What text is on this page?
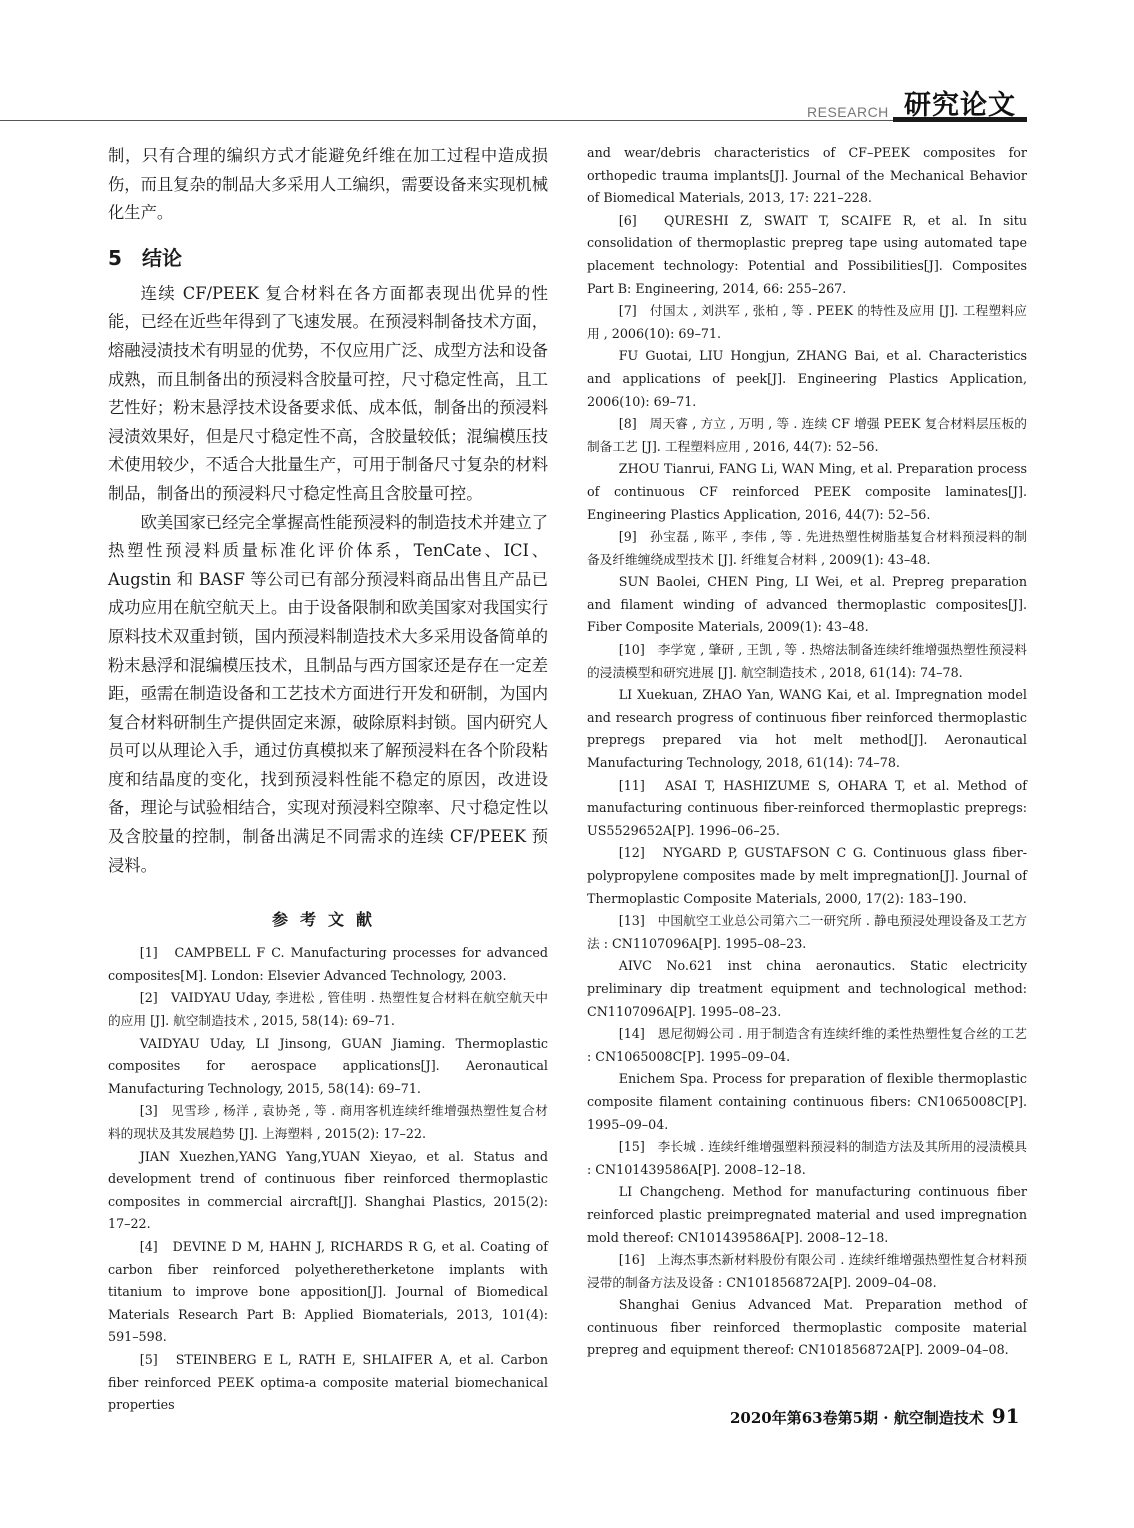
RESEARCH 研究论文

制，只有合理的编织方式才能避免纤维在加工过程中造成损伤，而且复杂的制品大多采用人工编织，需要设备来实现机械化生产。

5 结论

连续 CF/PEEK 复合材料在各方面都表现出优异的性能，已经在近些年得到了飞速发展。在预浸料制备技术方面，熔融浸渍技术有明显的优势，不仅应用广泛、成型方法和设备成熟，而且制备出的预浸料含胶量可控，尺寸稳定性高，且工艺性好；粉末悬浮技术设备要求低、成本低，制备出的预浸料浸渍效果好，但是尺寸稳定性不高，含胶量较低；混编模压技术使用较少，不适合大批量生产，可用于制备尺寸复杂的材料制品，制备出的预浸料尺寸稳定性高且含胶量可控。

欧美国家已经完全掌握高性能预浸料的制造技术并建立了热塑性预浸料质量标准化评价体系，TenCate、ICI、Augstin 和 BASF 等公司已有部分预浸料商品出售且产品已成功应用在航空航天上。由于设备限制和欧美国家对我国实行原料技术双重封锁，国内预浸料制造技术大多采用设备简单的粉末悬浮和混编模压技术，且制品与西方国家还是存在一定差距，亟需在制造设备和工艺技术方面进行开发和研制，为国内复合材料研制生产提供固定来源，破除原料封锁。国内研究人员可以从理论入手，通过仿真模拟来了解预浸料在各个阶段粘度和结晶度的变化，找到预浸料性能不稳定的原因，改进设备，理论与试验相结合，实现对预浸料空隙率、尺寸稳定性以及含胶量的控制，制备出满足不同需求的连续 CF/PEEK 预浸料。

参考文献

[1]　CAMPBELL F C. Manufacturing processes for advanced composites[M]. London: Elsevier Advanced Technology, 2003.

[2]　VAIDYAU Uday, 李进松 , 管佳明 . 热塑性复合材料在航空航天中的应用 [J]. 航空制造技术 , 2015, 58(14): 69–71.

VAIDYAU Uday, LI Jinsong, GUAN Jiaming. Thermoplastic composites for aerospace applications[J]. Aeronautical Manufacturing Technology, 2015, 58(14): 69–71.

[3]　见雪珍 , 杨洋 , 袁协尧 , 等 . 商用客机连续纤维增强热塑性复合材料的现状及其发展趋势 [J]. 上海塑料 , 2015(2): 17–22.

JIAN Xuezhen,YANG Yang,YUAN Xieyao, et al. Status and development trend of continuous fiber reinforced thermoplastic composites in commercial aircraft[J]. Shanghai Plastics, 2015(2): 17–22.

[4]　DEVINE D M, HAHN J, RICHARDS R G, et al. Coating of carbon fiber reinforced polyetheretherketone implants with titanium to improve bone apposition[J]. Journal of Biomedical Materials Research Part B: Applied Biomaterials, 2013, 101(4): 591–598.

[5]　STEINBERG E L, RATH E, SHLAIFER A, et al. Carbon fiber reinforced PEEK optima-a composite material biomechanical properties

and wear/debris characteristics of CF–PEEK composites for orthopedic trauma implants[J]. Journal of the Mechanical Behavior of Biomedical Materials, 2013, 17: 221–228.

[6]　QURESHI Z, SWAIT T, SCAIFE R, et al. In situ consolidation of thermoplastic prepreg tape using automated tape placement technology: Potential and Possibilities[J]. Composites Part B: Engineering, 2014, 66: 255–267.

[7]　付国太 , 刘洪军 , 张柏 , 等 . PEEK 的特性及应用 [J]. 工程塑料应用 , 2006(10): 69–71.

FU Guotai, LIU Hongjun, ZHANG Bai, et al. Characteristics and applications of peek[J]. Engineering Plastics Application, 2006(10): 69–71.

[8]　周天睿 , 方立 , 万明 , 等 . 连续 CF 增强 PEEK 复合材料层压板的制备工艺 [J]. 工程塑料应用 , 2016, 44(7): 52–56.

ZHOU Tianrui, FANG Li, WAN Ming, et al. Preparation process of continuous CF reinforced PEEK composite laminates[J]. Engineering Plastics Application, 2016, 44(7): 52–56.

[9]　孙宝磊 , 陈平 , 李伟 , 等 . 先进热塑性树脂基复合材料预浸料的制备及纤维缠绕成型技术 [J]. 纤维复合材料 , 2009(1): 43–48.

SUN Baolei, CHEN Ping, LI Wei, et al. Prepreg preparation and filament winding of advanced thermoplastic composites[J]. Fiber Composite Materials, 2009(1): 43–48.

[10]　李学宽 , 肇研 , 王凯 , 等 . 热熔法制备连续纤维增强热塑性预浸料的浸渍模型和研究进展 [J]. 航空制造技术 , 2018, 61(14): 74–78.

LI Xuekuan, ZHAO Yan, WANG Kai, et al. Impregnation model and research progress of continuous fiber reinforced thermoplastic prepregs prepared via hot melt method[J]. Aeronautical Manufacturing Technology, 2018, 61(14): 74–78.

[11]　ASAI T, HASHIZUME S, OHARA T, et al. Method of manufacturing continuous fiber-reinforced thermoplastic prepregs: US5529652A[P]. 1996–06–25.

[12]　NYGARD P, GUSTAFSON C G. Continuous glass fiber-polypropylene composites made by melt impregnation[J]. Journal of Thermoplastic Composite Materials, 2000, 17(2): 183–190.

[13]　中国航空工业总公司第六二一研究所 . 静电预浸处理设备及工艺方法 : CN1107096A[P]. 1995–08–23.

AIVC No.621 inst china aeronautics. Static electricity preliminary dip treatment equipment and technological method: CN1107096A[P]. 1995–08–23.

[14]　恩尼彻姆公司 . 用于制造含有连续纤维的柔性热塑性复合丝的工艺 : CN1065008C[P]. 1995–09–04.

Enichem Spa. Process for preparation of flexible thermoplastic composite filament containing continuous fibers: CN1065008C[P]. 1995–09–04.

[15]　李长城 . 连续纤维增强塑料预浸料的制造方法及其所用的浸渍模具 : CN101439586A[P]. 2008–12–18.

LI Changcheng. Method for manufacturing continuous fiber reinforced plastic preimpregnated material and used impregnation mold thereof: CN101439586A[P]. 2008–12–18.

[16]　上海杰事杰新材料股份有限公司 . 连续纤维增强热塑性复合材料预浸带的制备方法及设备 : CN101856872A[P]. 2009–04–08.

Shanghai Genius Advanced Mat. Preparation method of continuous fiber reinforced thermoplastic composite material prepreg and equipment thereof: CN101856872A[P]. 2009–04–08.

2020年第63卷第5期 · 航空制造技术 91
